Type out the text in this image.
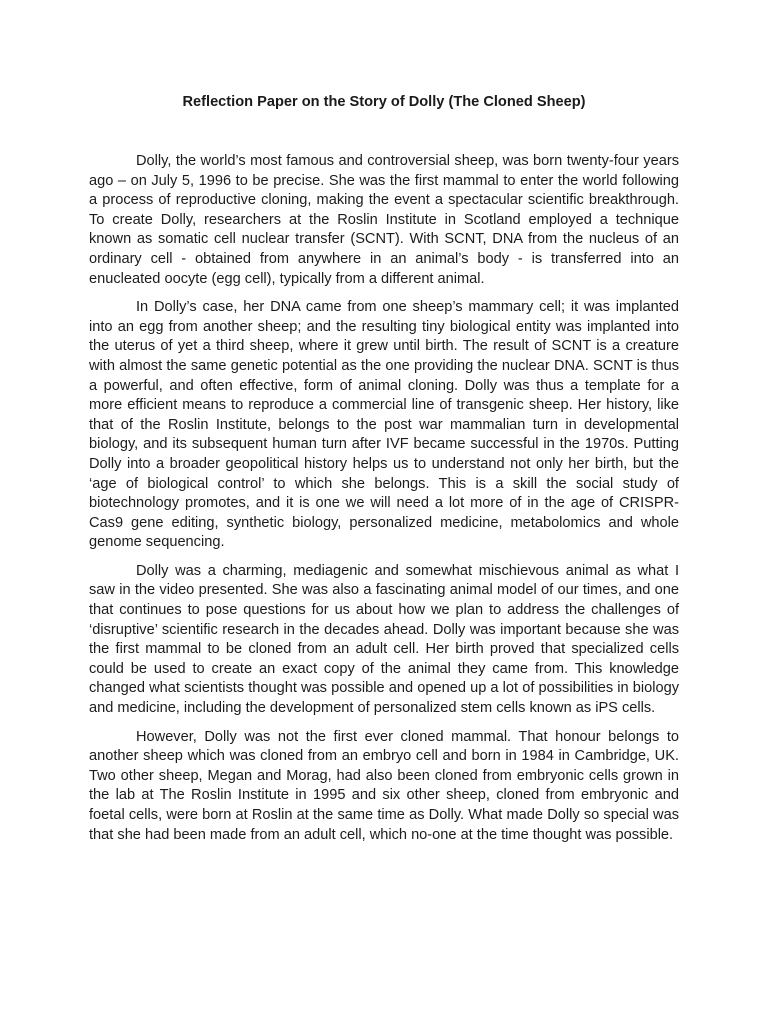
Reflection Paper on the Story of Dolly (The Cloned Sheep)

Dolly, the world’s most famous and controversial sheep, was born twenty-four years ago – on July 5, 1996 to be precise. She was the first mammal to enter the world following a process of reproductive cloning, making the event a spectacular scientific breakthrough. To create Dolly, researchers at the Roslin Institute in Scotland employed a technique known as somatic cell nuclear transfer (SCNT). With SCNT, DNA from the nucleus of an ordinary cell - obtained from anywhere in an animal’s body - is transferred into an enucleated oocyte (egg cell), typically from a different animal.

In Dolly’s case, her DNA came from one sheep’s mammary cell; it was implanted into an egg from another sheep; and the resulting tiny biological entity was implanted into the uterus of yet a third sheep, where it grew until birth. The result of SCNT is a creature with almost the same genetic potential as the one providing the nuclear DNA. SCNT is thus a powerful, and often effective, form of animal cloning. Dolly was thus a template for a more efficient means to reproduce a commercial line of transgenic sheep. Her history, like that of the Roslin Institute, belongs to the post war mammalian turn in developmental biology, and its subsequent human turn after IVF became successful in the 1970s. Putting Dolly into a broader geopolitical history helps us to understand not only her birth, but the ‘age of biological control’ to which she belongs. This is a skill the social study of biotechnology promotes, and it is one we will need a lot more of in the age of CRISPR-Cas9 gene editing, synthetic biology, personalized medicine, metabolomics and whole genome sequencing.

Dolly was a charming, mediagenic and somewhat mischievous animal as what I saw in the video presented. She was also a fascinating animal model of our times, and one that continues to pose questions for us about how we plan to address the challenges of ‘disruptive’ scientific research in the decades ahead. Dolly was important because she was the first mammal to be cloned from an adult cell. Her birth proved that specialized cells could be used to create an exact copy of the animal they came from. This knowledge changed what scientists thought was possible and opened up a lot of possibilities in biology and medicine, including the development of personalized stem cells known as iPS cells.

However, Dolly was not the first ever cloned mammal. That honour belongs to another sheep which was cloned from an embryo cell and born in 1984 in Cambridge, UK. Two other sheep, Megan and Morag, had also been cloned from embryonic cells grown in the lab at The Roslin Institute in 1995 and six other sheep, cloned from embryonic and foetal cells, were born at Roslin at the same time as Dolly. What made Dolly so special was that she had been made from an adult cell, which no-one at the time thought was possible.
